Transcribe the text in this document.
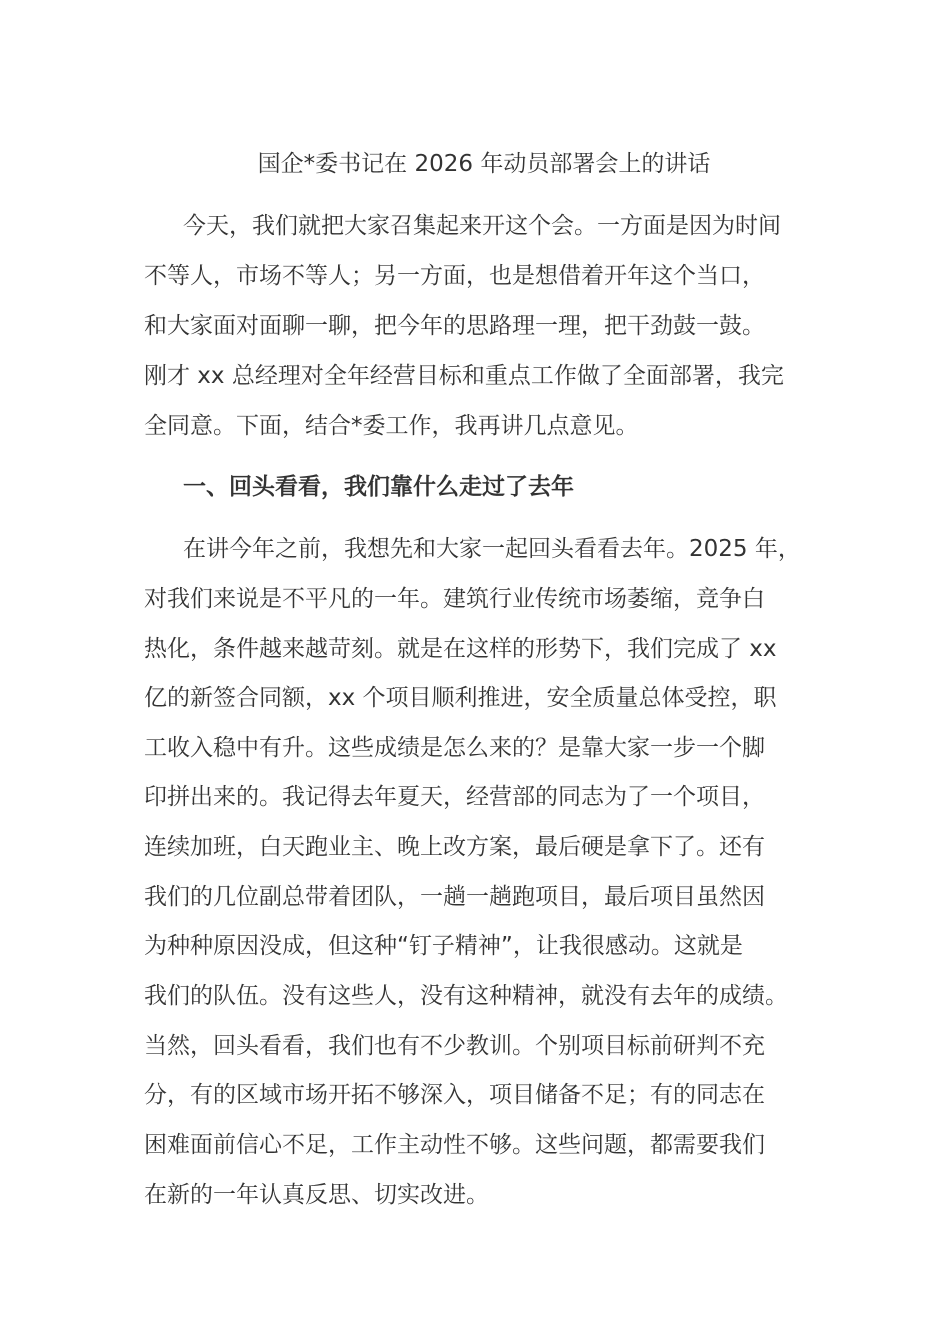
国企*委书记在 2026 年动员部署会上的讲话
今天，我们就把大家召集起来开这个会。一方面是因为时间
不等人，市场不等人；另一方面，也是想借着开年这个当口，
和大家面对面聊一聊，把今年的思路理一理，把干劲鼓一鼓。
刚才 xx 总经理对全年经营目标和重点工作做了全面部署，我完
全同意。下面，结合*委工作，我再讲几点意见。
一、回头看看，我们靠什么走过了去年
在讲今年之前，我想先和大家一起回头看看去年。2025 年，
对我们来说是不平凡的一年。建筑行业传统市场萎缩，竞争白
热化，条件越来越苛刻。就是在这样的形势下，我们完成了 xx
亿的新签合同额，xx 个项目顺利推进，安全质量总体受控，职
工收入稳中有升。这些成绩是怎么来的？是靠大家一步一个脚
印拼出来的。我记得去年夏天，经营部的同志为了一个项目，
连续加班，白天跑业主、晚上改方案，最后硬是拿下了。还有
我们的几位副总带着团队，一趟一趟跑项目，最后项目虽然因
为种种原因没成，但这种“钉子精神”，让我很感动。这就是
我们的队伍。没有这些人，没有这种精神，就没有去年的成绩。
当然，回头看看，我们也有不少教训。个别项目标前研判不充
分，有的区域市场开拓不够深入，项目储备不足；有的同志在
困难面前信心不足，工作主动性不够。这些问题，都需要我们
在新的一年认真反思、切实改进。
